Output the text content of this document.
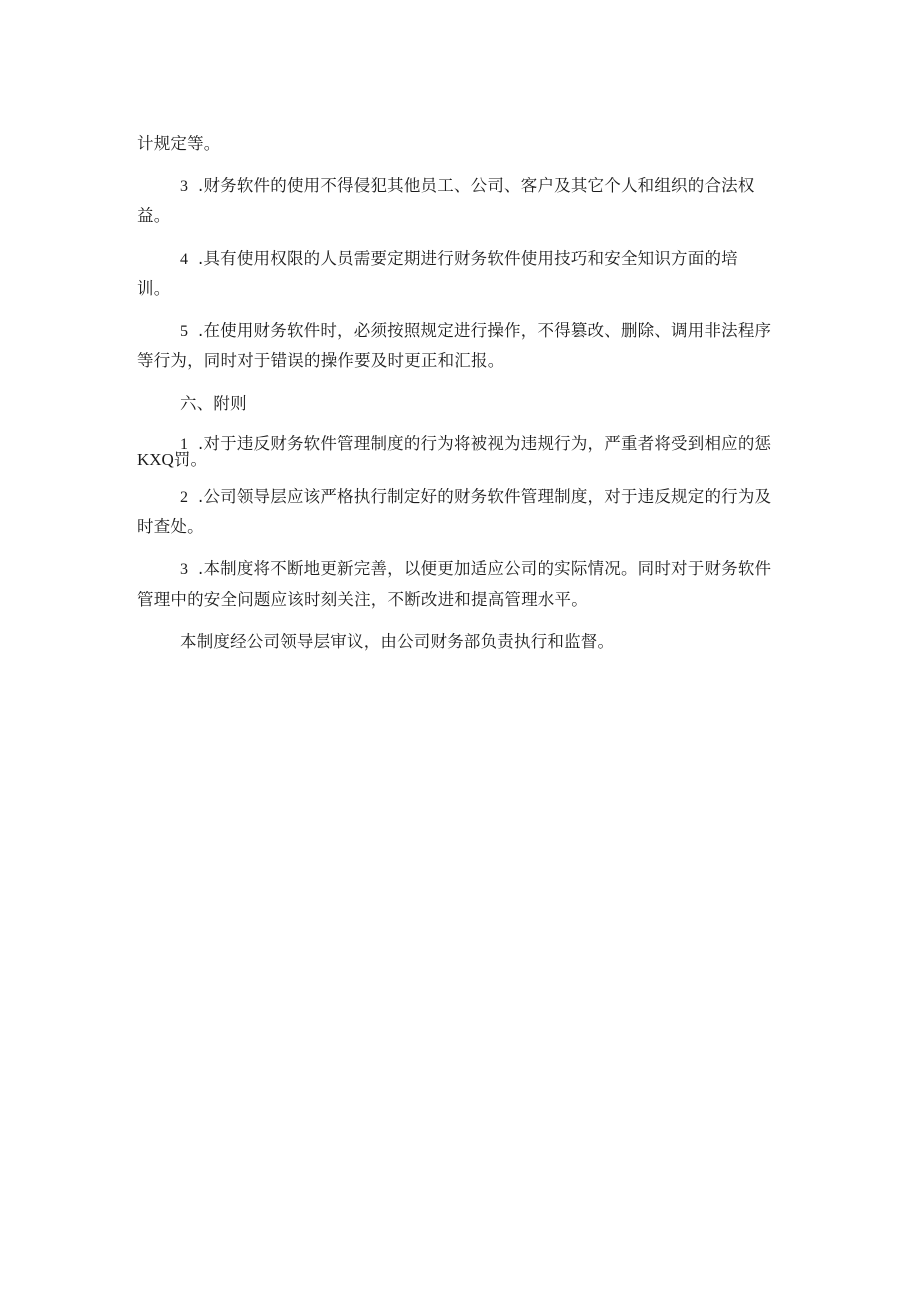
计规定等。
3 .财务软件的使用不得侵犯其他员工、公司、客户及其它个人和组织的合法权
益。
4 .具有使用权限的人员需要定期进行财务软件使用技巧和安全知识方面的培
训。
5 .在使用财务软件时，必须按照规定进行操作，不得篡改、删除、调用非法程序
等行为，同时对于错误的操作要及时更正和汇报。
六、附则
1 .对于违反财务软件管理制度的行为将被视为违规行为，严重者将受到相应的惩
KXQ罚。
2 .公司领导层应该严格执行制定好的财务软件管理制度，对于违反规定的行为及
时查处。
3 .本制度将不断地更新完善，以便更加适应公司的实际情况。同时对于财务软件
管理中的安全问题应该时刻关注，不断改进和提高管理水平。
本制度经公司领导层审议，由公司财务部负责执行和监督。
